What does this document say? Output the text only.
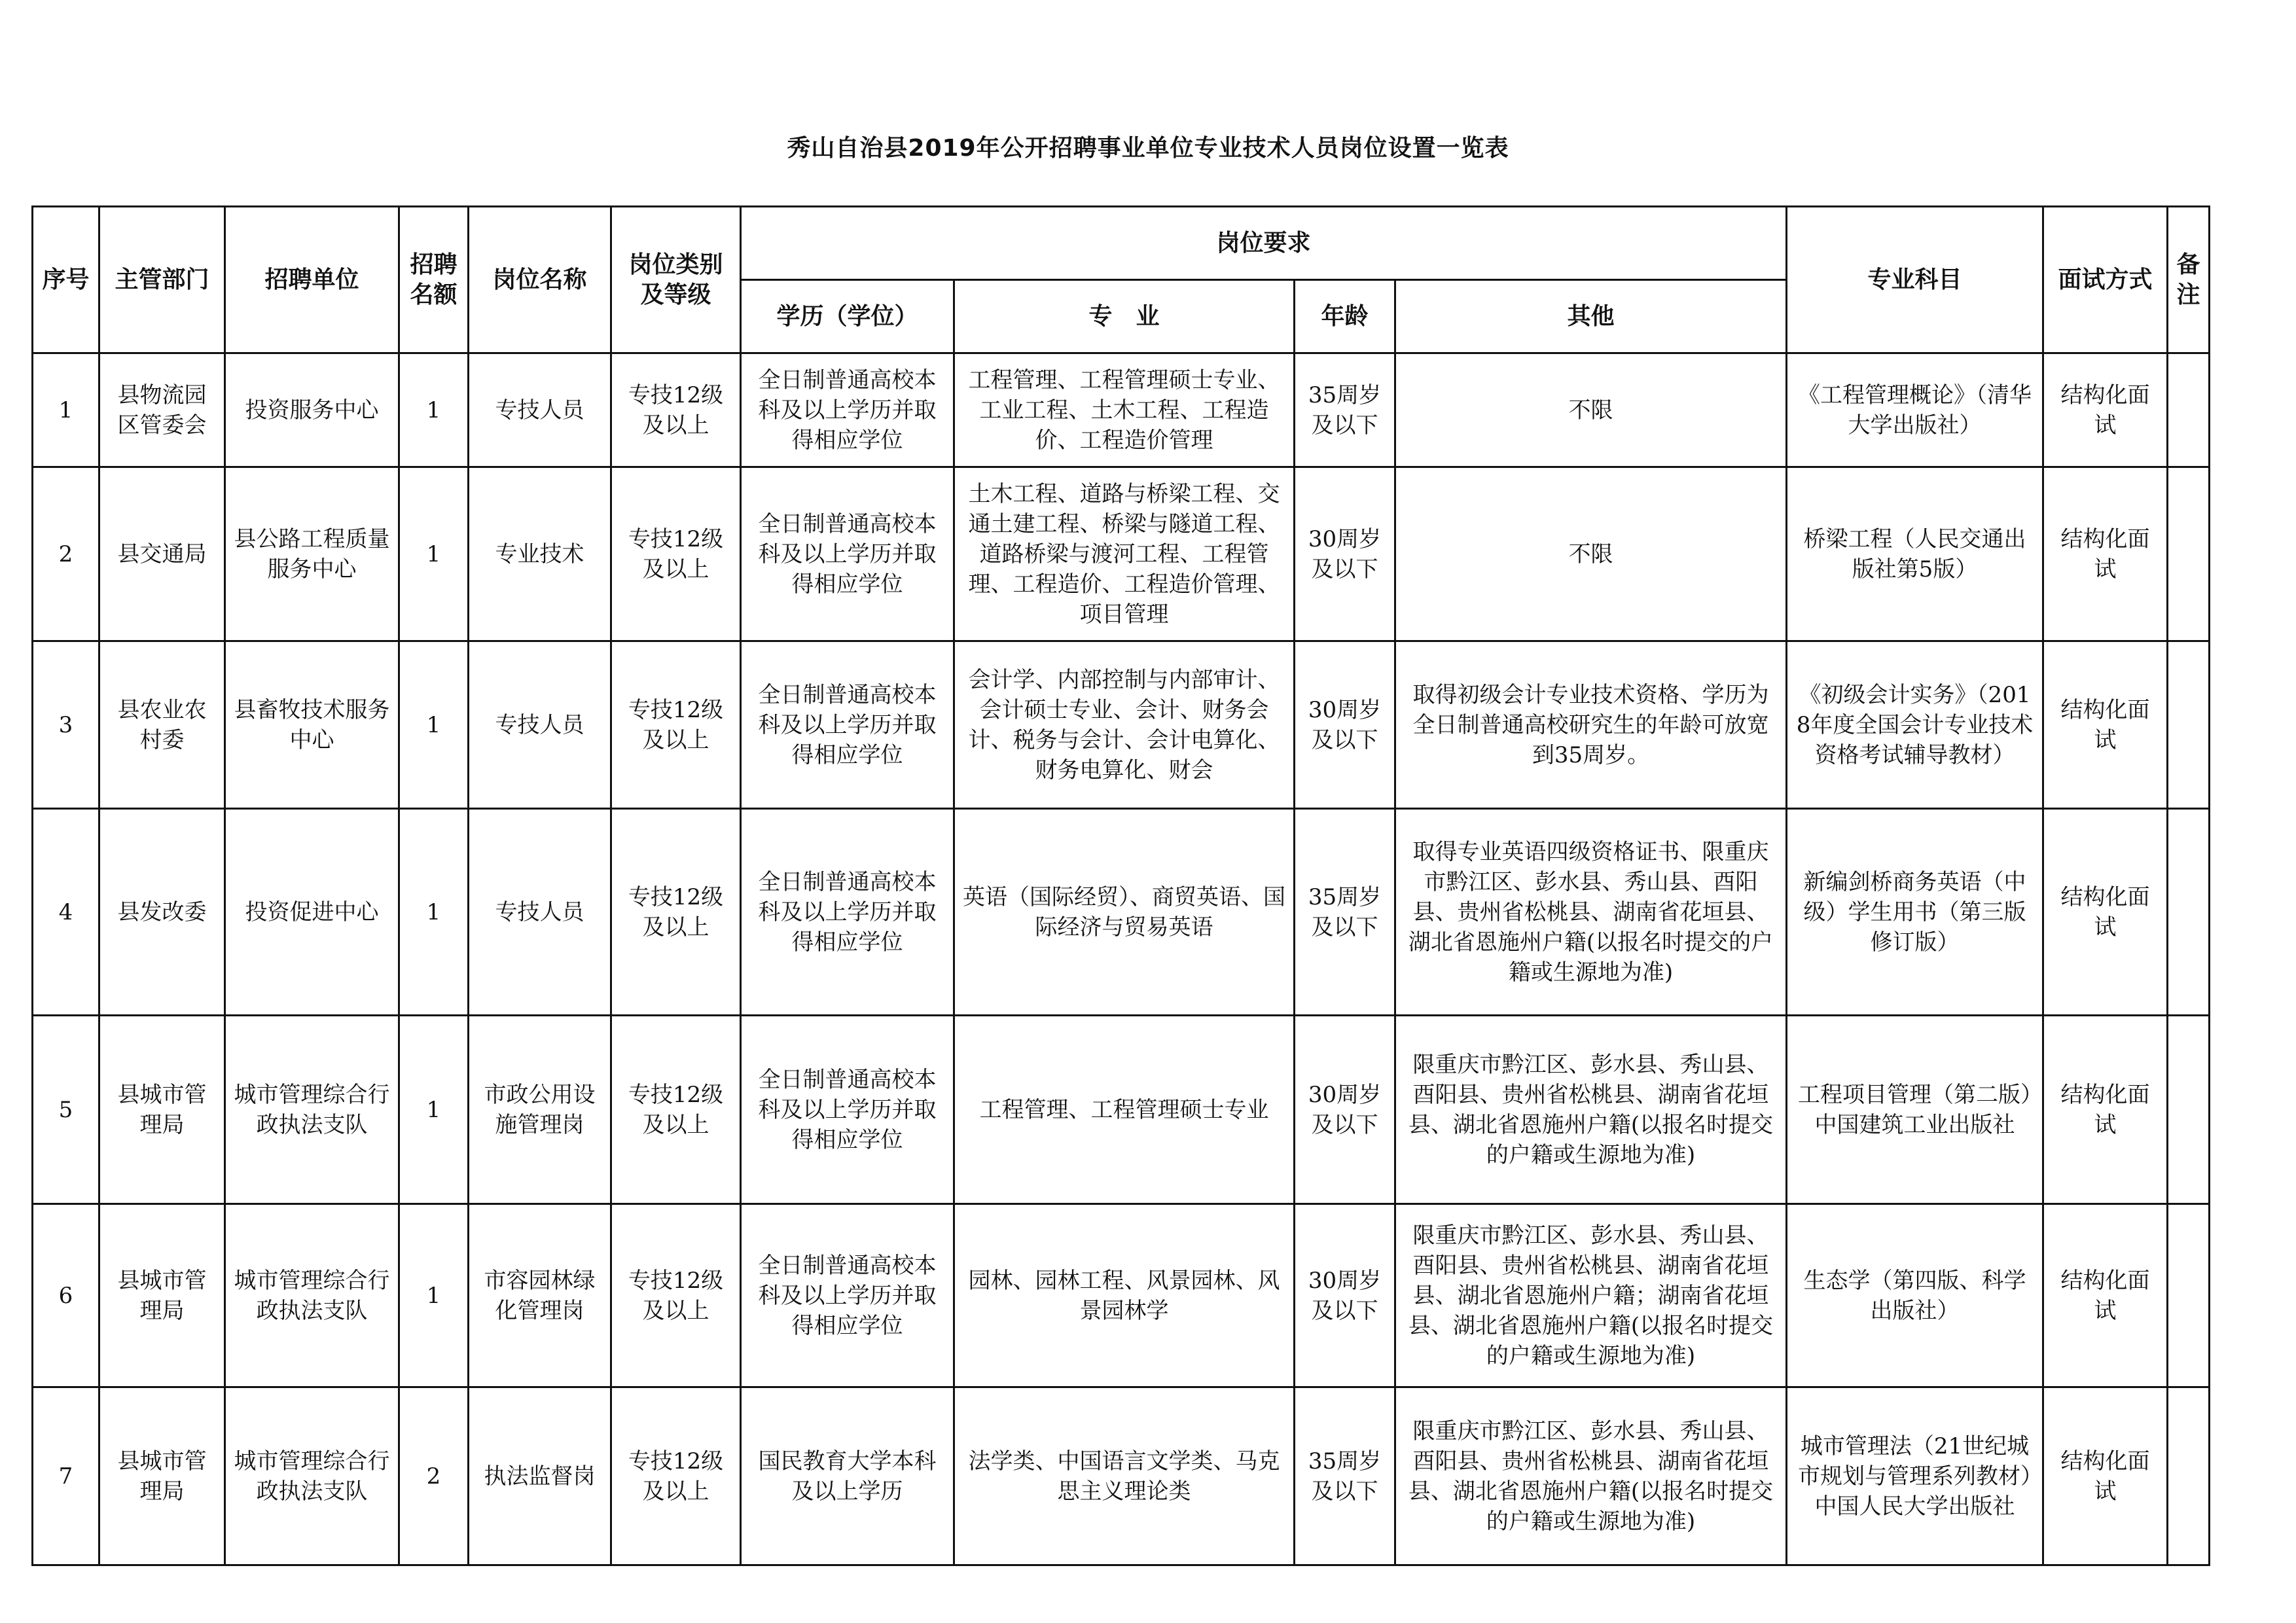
秀山自治县2019年公开招聘事业单位专业技术人员岗位设置一览表
序号	主管部门	招聘单位	招聘名额	岗位名称	岗位类别及等级	岗位要求				专业科目	面试方式	备注
						学历（学位）	专　业	年龄	其他			
1	县物流园区管委会	投资服务中心	1	专技人员	专技12级及以上	全日制普通高校本科及以上学历并取得相应学位	工程管理、工程管理硕士专业、工业工程、土木工程、工程造价、工程造价管理	35周岁及以下	不限	《工程管理概论》（清华大学出版社）	结构化面试	
2	县交通局	县公路工程质量服务中心	1	专业技术	专技12级及以上	全日制普通高校本科及以上学历并取得相应学位	土木工程、道路与桥梁工程、交通土建工程、桥梁与隧道工程、道路桥梁与渡河工程、工程管理、工程造价、工程造价管理、项目管理	30周岁及以下	不限	桥梁工程（人民交通出版社第5版）	结构化面试	
3	县农业农村委	县畜牧技术服务中心	1	专技人员	专技12级及以上	全日制普通高校本科及以上学历并取得相应学位	会计学、内部控制与内部审计、会计硕士专业、会计、财务会计、税务与会计、会计电算化、财务电算化、财会	30周岁及以下	取得初级会计专业技术资格、学历为全日制普通高校研究生的年龄可放宽到35周岁。	《初级会计实务》（2018年度全国会计专业技术资格考试辅导教材）	结构化面试	
4	县发改委	投资促进中心	1	专技人员	专技12级及以上	全日制普通高校本科及以上学历并取得相应学位	英语（国际经贸）、商贸英语、国际经济与贸易英语	35周岁及以下	取得专业英语四级资格证书、限重庆市黔江区、彭水县、秀山县、酉阳县、贵州省松桃县、湖南省花垣县、湖北省恩施州户籍(以报名时提交的户籍或生源地为准)	新编剑桥商务英语（中级）学生用书（第三版修订版）	结构化面试	
5	县城市管理局	城市管理综合行政执法支队	1	市政公用设施管理岗	专技12级及以上	全日制普通高校本科及以上学历并取得相应学位	工程管理、工程管理硕士专业	30周岁及以下	限重庆市黔江区、彭水县、秀山县、酉阳县、贵州省松桃县、湖南省花垣县、湖北省恩施州户籍(以报名时提交的户籍或生源地为准)	工程项目管理（第二版）中国建筑工业出版社	结构化面试	
6	县城市管理局	城市管理综合行政执法支队	1	市容园林绿化管理岗	专技12级及以上	全日制普通高校本科及以上学历并取得相应学位	园林、园林工程、风景园林、风景园林学	30周岁及以下	限重庆市黔江区、彭水县、秀山县、酉阳县、贵州省松桃县、湖南省花垣县、湖北省恩施州户籍；湖南省花垣县、湖北省恩施州户籍(以报名时提交的户籍或生源地为准)	生态学（第四版、科学出版社）	结构化面试	
7	县城市管理局	城市管理综合行政执法支队	2	执法监督岗	专技12级及以上	国民教育大学本科及以上学历	法学类、中国语言文学类、马克思主义理论类	35周岁及以下	限重庆市黔江区、彭水县、秀山县、酉阳县、贵州省松桃县、湖南省花垣县、湖北省恩施州户籍(以报名时提交的户籍或生源地为准)	城市管理法（21世纪城市规划与管理系列教材）中国人民大学出版社	结构化面试	
